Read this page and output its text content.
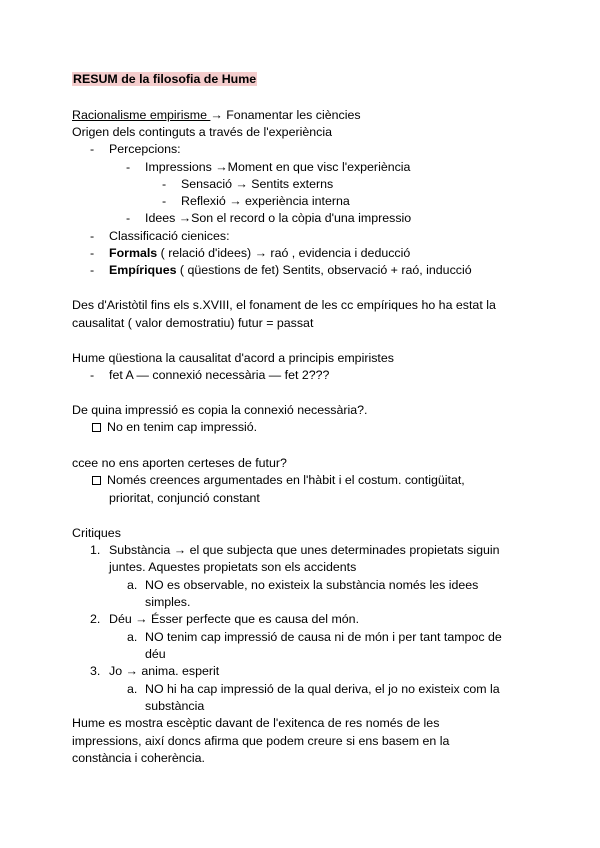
RESUM de la filosofia de Hume
Racionalisme empirisme → Fonamentar les ciències
Origen dels continguts a través de l'experiència
- Percepcions:
- Impressions →Moment en que visc l'experiència
- Sensació → Sentits externs
- Reflexió → experiència interna
- Idees →Son el record o la còpia d'una impressio
- Classificació cienices:
- Formals ( relació d'idees) → raó , evidencia i deducció
- Empíriques ( qüestions de fet) Sentits, observació + raó, inducció
Des d'Aristòtil fins els s.XVIII, el fonament de les cc empíriques ho ha estat la
causalitat ( valor demostratiu) futur = passat
Hume qüestiona la causalitat d'acord a principis empiristes
- fet A — connexió necessària — fet 2???
De quina impressió es copia la connexió necessària?.
No en tenim cap impressió.
ccee no ens aporten certeses de futur?
Només creences argumentades en l'hàbit i el costum. contigüitat,
prioritat, conjunció constant
Critiques
1. Substància → el que subjecta que unes determinades propietats siguin
juntes. Aquestes propietats son els accidents
a. NO es observable, no existeix la substància només les idees
simples.
2. Déu → Ésser perfecte que es causa del món.
a. NO tenim cap impressió de causa ni de món i per tant tampoc de
déu
3. Jo → anima. esperit
a. NO hi ha cap impressió de la qual deriva, el jo no existeix com la
substància
Hume es mostra escèptic davant de l'exitenca de res només de les
impressions, així doncs afirma que podem creure si ens basem en la
constància i coherència.
